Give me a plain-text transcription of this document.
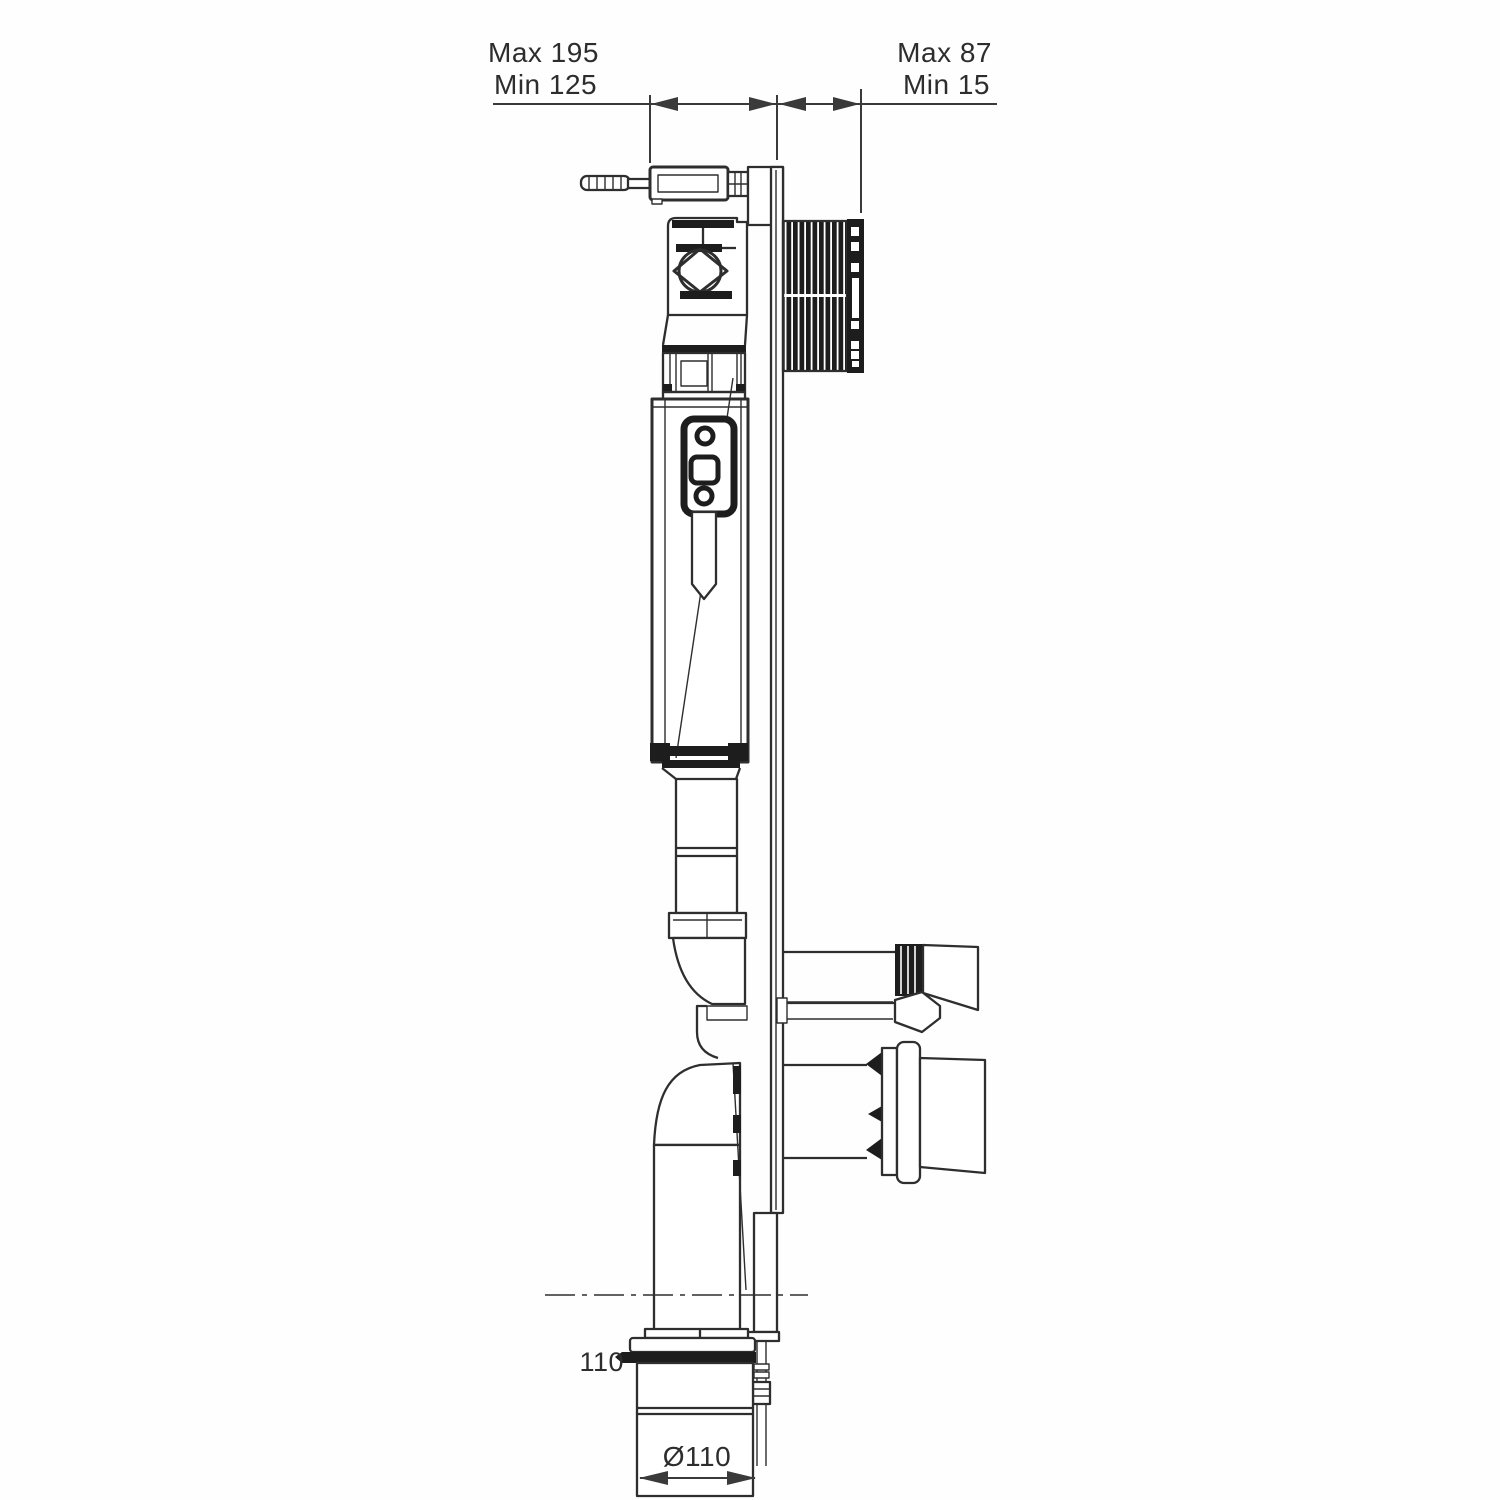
Max 195
Min 125
Max 87
Min 15
110
Ø110
